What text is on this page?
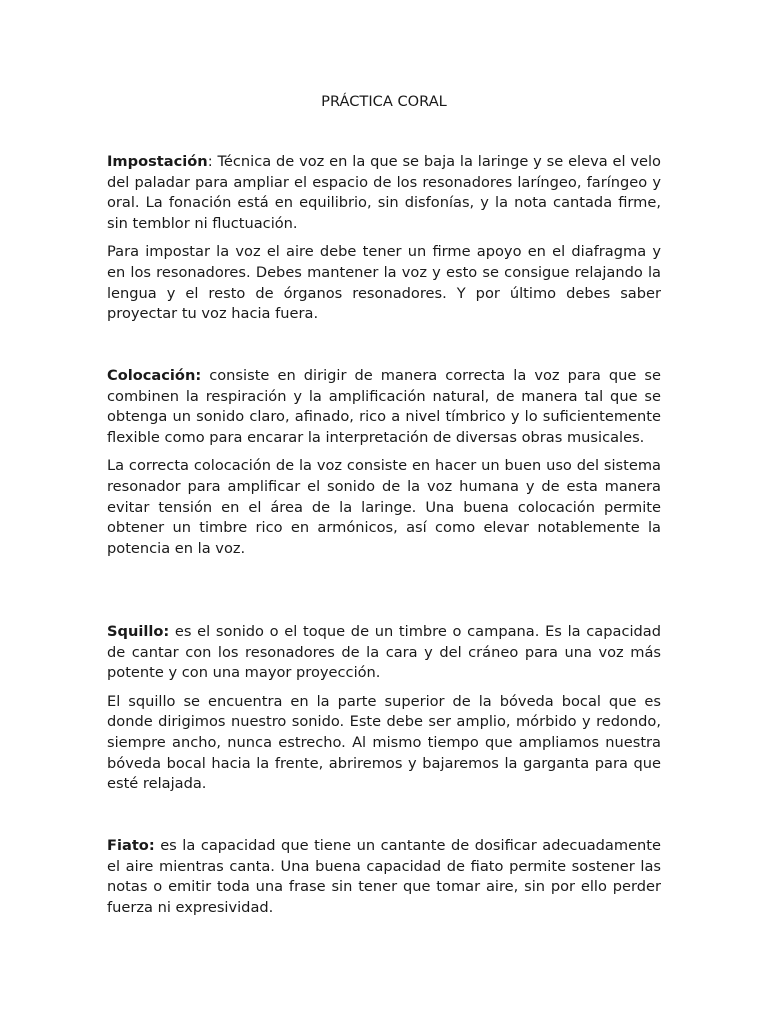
PRÁCTICA CORAL

Impostación: Técnica de voz en la que se baja la laringe y se eleva el velo del paladar para ampliar el espacio de los resonadores laríngeo, faríngeo y oral. La fonación está en equilibrio, sin disfonías, y la nota cantada firme, sin temblor ni fluctuación.

Para impostar la voz el aire debe tener un firme apoyo en el diafragma y en los resonadores. Debes mantener la voz y esto se consigue relajando la lengua y el resto de órganos resonadores. Y por último debes saber proyectar tu voz hacia fuera.

Colocación: consiste en dirigir de manera correcta la voz para que se combinen la respiración y la amplificación natural, de manera tal que se obtenga un sonido claro, afinado, rico a nivel tímbrico y lo suficientemente flexible como para encarar la interpretación de diversas obras musicales.

La correcta colocación de la voz consiste en hacer un buen uso del sistema resonador para amplificar el sonido de la voz humana y de esta manera evitar tensión en el área de la laringe. Una buena colocación permite obtener un timbre rico en armónicos, así como elevar notablemente la potencia en la voz.

Squillo: es el sonido o el toque de un timbre o campana. Es la capacidad de cantar con los resonadores de la cara y del cráneo para una voz más potente y con una mayor proyección.

El squillo se encuentra en la parte superior de la bóveda bocal que es donde dirigimos nuestro sonido. Este debe ser amplio, mórbido y redondo, siempre ancho, nunca estrecho. Al mismo tiempo que ampliamos nuestra bóveda bocal hacia la frente, abriremos y bajaremos la garganta para que esté relajada.

Fiato: es la capacidad que tiene un cantante de dosificar adecuadamente el aire mientras canta. Una buena capacidad de fiato permite sostener las notas o emitir toda una frase sin tener que tomar aire, sin por ello perder fuerza ni expresividad.
